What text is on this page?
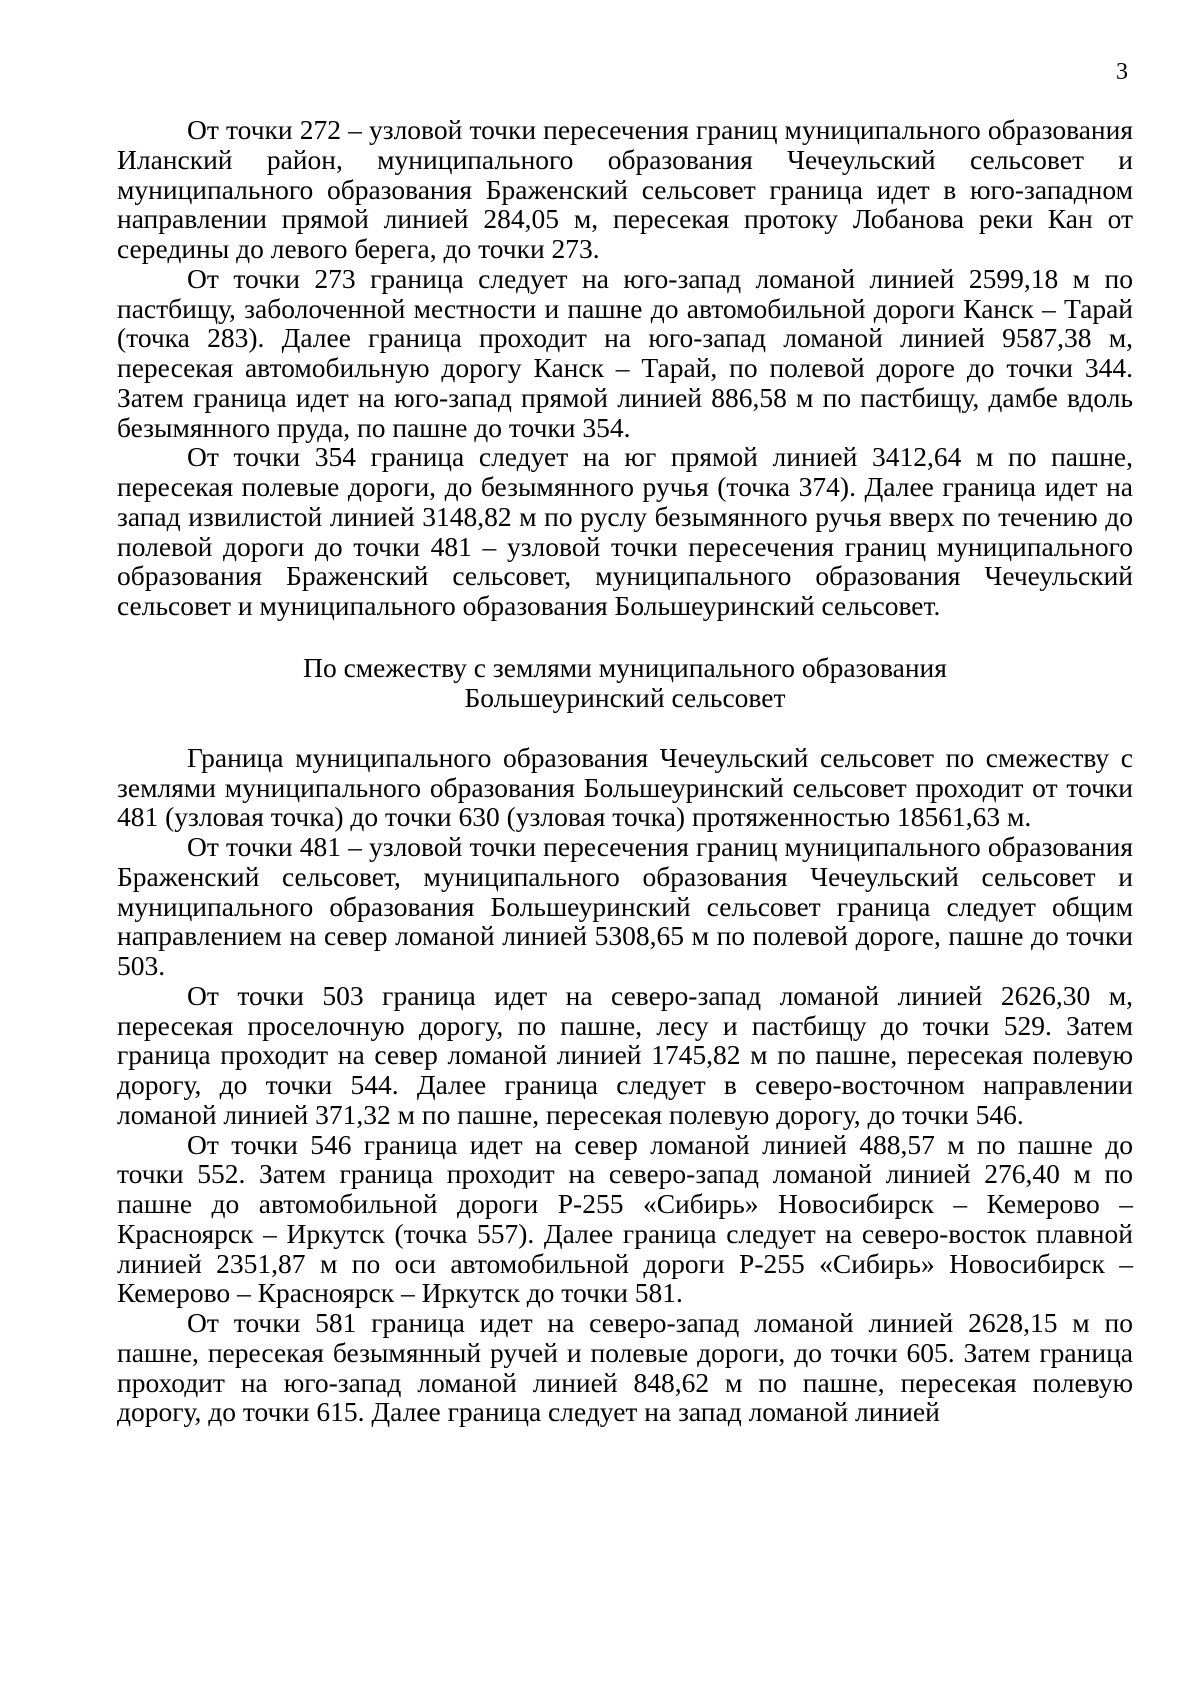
3

От точки 272 – узловой точки пересечения границ муниципального образования Иланский район, муниципального образования Чечеульский сельсовет и муниципального образования Браженский сельсовет граница идет в юго-западном направлении прямой линией 284,05 м, пересекая протоку Лобанова реки Кан от середины до левого берега, до точки 273.

От точки 273 граница следует на юго-запад ломаной линией 2599,18 м по пастбищу, заболоченной местности и пашне до автомобильной дороги Канск – Тарай (точка 283). Далее граница проходит на юго-запад ломаной линией 9587,38 м, пересекая автомобильную дорогу Канск – Тарай, по полевой дороге до точки 344. Затем граница идет на юго-запад прямой линией 886,58 м по пастбищу, дамбе вдоль безымянного пруда, по пашне до точки 354.

От точки 354 граница следует на юг прямой линией 3412,64 м по пашне, пересекая полевые дороги, до безымянного ручья (точка 374). Далее граница идет на запад извилистой линией 3148,82 м по руслу безымянного ручья вверх по течению до полевой дороги до точки 481 – узловой точки пересечения границ муниципального образования Браженский сельсовет, муниципального образования Чечеульский сельсовет и муниципального образования Большеуринский сельсовет.

По смежеству с землями муниципального образования
Большеуринский сельсовет

Граница муниципального образования Чечеульский сельсовет по смежеству с землями муниципального образования Большеуринский сельсовет проходит от точки 481 (узловая точка) до точки 630 (узловая точка) протяженностью 18561,63 м.

От точки 481 – узловой точки пересечения границ муниципального образования Браженский сельсовет, муниципального образования Чечеульский сельсовет и муниципального образования Большеуринский сельсовет граница следует общим направлением на север ломаной линией 5308,65 м по полевой дороге, пашне до точки 503.

От точки 503 граница идет на северо-запад ломаной линией 2626,30 м, пересекая проселочную дорогу, по пашне, лесу и пастбищу до точки 529. Затем граница проходит на север ломаной линией 1745,82 м по пашне, пересекая полевую дорогу, до точки 544. Далее граница следует в северо-восточном направлении ломаной линией 371,32 м по пашне, пересекая полевую дорогу, до точки 546.

От точки 546 граница идет на север ломаной линией 488,57 м по пашне до точки 552. Затем граница проходит на северо-запад ломаной линией 276,40 м по пашне до автомобильной дороги Р-255 «Сибирь» Новосибирск – Кемерово – Красноярск – Иркутск (точка 557). Далее граница следует на северо-восток плавной линией 2351,87 м по оси автомобильной дороги Р-255 «Сибирь» Новосибирск – Кемерово – Красноярск – Иркутск до точки 581.

От точки 581 граница идет на северо-запад ломаной линией 2628,15 м по пашне, пересекая безымянный ручей и полевые дороги, до точки 605. Затем граница проходит на юго-запад ломаной линией 848,62 м по пашне, пересекая полевую дорогу, до точки 615. Далее граница следует на запад ломаной линией
